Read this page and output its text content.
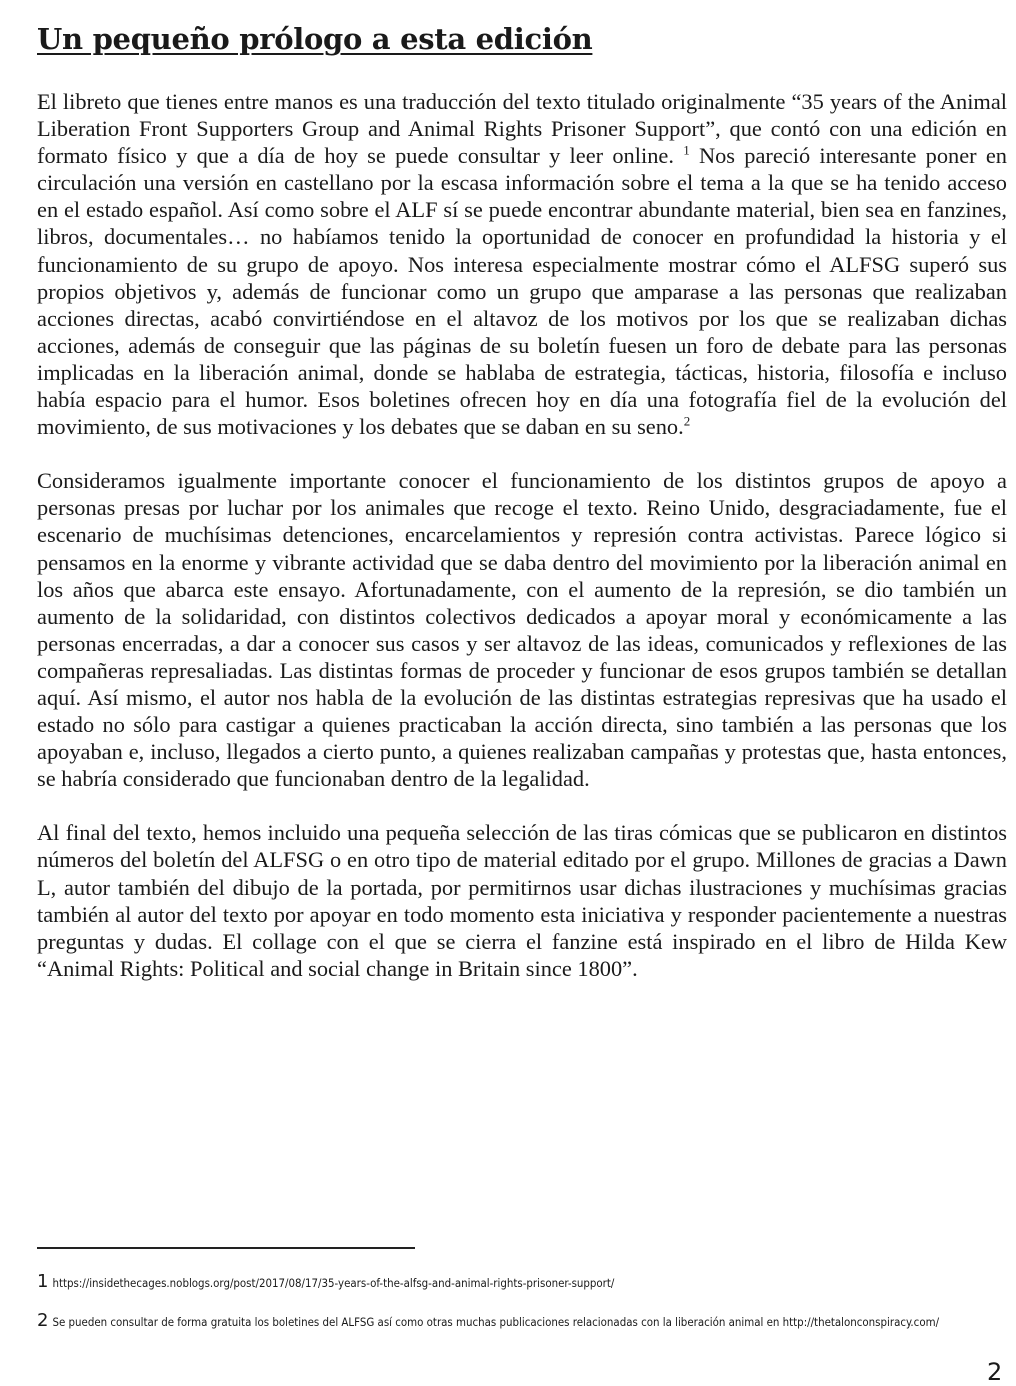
Un pequeño prólogo a esta edición

El libreto que tienes entre manos es una traducción del texto titulado originalmente “35 years of the Animal Liberation Front Supporters Group and Animal Rights Prisoner Support”, que contó con una edición en formato físico y que a día de hoy se puede consultar y leer online. $^1$ Nos pareció interesante poner en circulación una versión en castellano por la escasa información sobre el tema a la que se ha tenido acceso en el estado español. Así como sobre el ALF sí se puede encontrar abundante material, bien sea en fanzines, libros, documentales… no habíamos tenido la oportunidad de conocer en profundidad la historia y el funcionamiento de su grupo de apoyo. Nos interesa especialmente mostrar cómo el ALFSG superó sus propios objetivos y, además de funcionar como un grupo que amparase a las personas que realizaban acciones directas, acabó convirtiéndose en el altavoz de los motivos por los que se realizaban dichas acciones, además de conseguir que las páginas de su boletín fuesen un foro de debate para las personas implicadas en la liberación animal, donde se hablaba de estrategia, tácticas, historia, filosofía e incluso había espacio para el humor. Esos boletines ofrecen hoy en día una fotografía fiel de la evolución del movimiento, de sus motivaciones y los debates que se daban en su seno.$^2$

Consideramos igualmente importante conocer el funcionamiento de los distintos grupos de apoyo a personas presas por luchar por los animales que recoge el texto. Reino Unido, desgraciadamente, fue el escenario de muchísimas detenciones, encarcelamientos y represión contra activistas. Parece lógico si pensamos en la enorme y vibrante actividad que se daba dentro del movimiento por la liberación animal en los años que abarca este ensayo. Afortunadamente, con el aumento de la represión, se dio también un aumento de la solidaridad, con distintos colectivos dedicados a apoyar moral y económicamente a las personas encerradas, a dar a conocer sus casos y ser altavoz de las ideas, comunicados y reflexiones de las compañeras represaliadas. Las distintas formas de proceder y funcionar de esos grupos también se detallan aquí. Así mismo, el autor nos habla de la evolución de las distintas estrategias represivas que ha usado el estado no sólo para castigar a quienes practicaban la acción directa, sino también a las personas que los apoyaban e, incluso, llegados a cierto punto, a quienes realizaban campañas y protestas que, hasta entonces, se habría considerado que funcionaban dentro de la legalidad.

Al final del texto, hemos incluido una pequeña selección de las tiras cómicas que se publicaron en distintos números del boletín del ALFSG o en otro tipo de material editado por el grupo. Millones de gracias a Dawn L, autor también del dibujo de la portada, por permitirnos usar dichas ilustraciones y muchísimas gracias también al autor del texto por apoyar en todo momento esta iniciativa y responder pacientemente a nuestras preguntas y dudas. El collage con el que se cierra el fanzine está inspirado en el libro de Hilda Kew “Animal Rights: Political and social change in Britain since 1800”.

1 https://insidethecages.noblogs.org/post/2017/08/17/35-years-of-the-alfsg-and-animal-rights-prisoner-support/
2 Se pueden consultar de forma gratuita los boletines del ALFSG así como otras muchas publicaciones relacionadas con la liberación animal en http://thetalonconspiracy.com/
2
